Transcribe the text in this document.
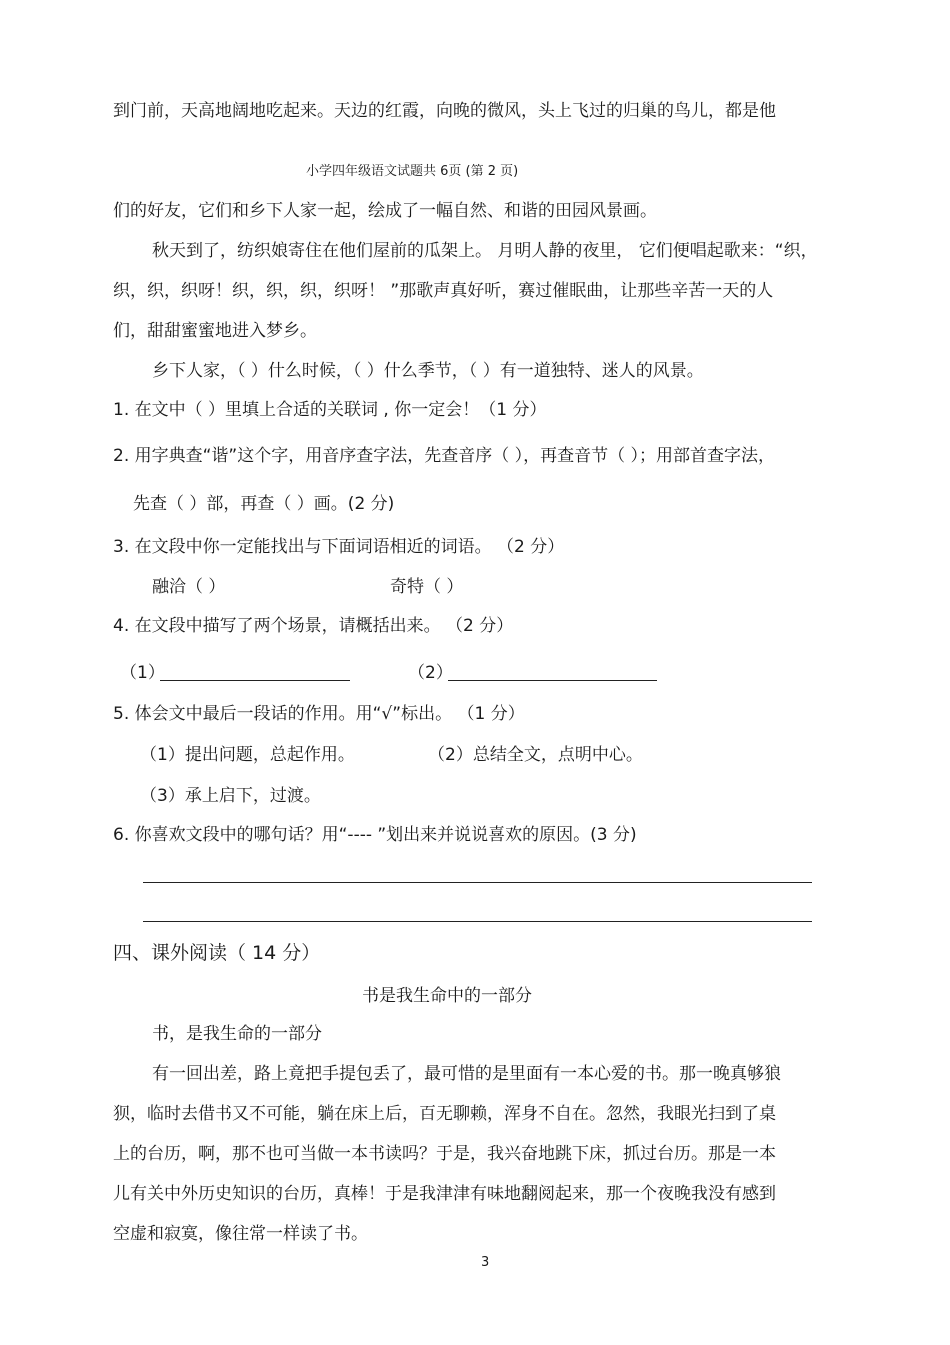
到门前，天高地阔地吃起来。天边的红霞，向晚的微风，头上飞过的归巢的鸟儿，都是他
小学四年级语文试题共 6页 (第 2 页)
们的好友，它们和乡下人家一起，绘成了一幅自然、和谐的田园风景画。
秋天到了，纺织娘寄住在他们屋前的瓜架上。 月明人静的夜里， 它们便唱起歌来：“织，
织，织，织呀！织，织，织，织呀！ ”那歌声真好听，赛过催眠曲，让那些辛苦一天的人
们，甜甜蜜蜜地进入梦乡。
乡下人家，（ ）什么时候，（ ）什么季节，（ ）有一道独特、迷人的风景。
1. 在文中（ ）里填上合适的关联词 , 你一定会！（1 分）
2. 用字典查“谐”这个字，用音序查字法，先查音序（ ），再查音节（ ）；用部首查字法，
先查（ ）部，再查（ ）画。(2 分)
3. 在文段中你一定能找出与下面词语相近的词语。 （2 分）
融洽（ ）	奇特（ ）
4. 在文段中描写了两个场景，请概括出来。 （2 分）
（1）	（2）
5. 体会文中最后一段话的作用。用“√”标出。 （1 分）
（1）提出问题，总起作用。	（2）总结全文，点明中心。
（3）承上启下，过渡。
6. 你喜欢文段中的哪句话？用“---- ”划出来并说说喜欢的原因。(3 分)
四、课外阅读（ 14 分）
书是我生命中的一部分
书，是我生命的一部分
有一回出差，路上竟把手提包丢了，最可惜的是里面有一本心爱的书。那一晚真够狼
狈，临时去借书又不可能，躺在床上后，百无聊赖，浑身不自在。忽然，我眼光扫到了桌
上的台历，啊，那不也可当做一本书读吗？于是，我兴奋地跳下床，抓过台历。那是一本
儿有关中外历史知识的台历，真棒！于是我津津有味地翻阅起来，那一个夜晚我没有感到
空虚和寂寞，像往常一样读了书。
3
